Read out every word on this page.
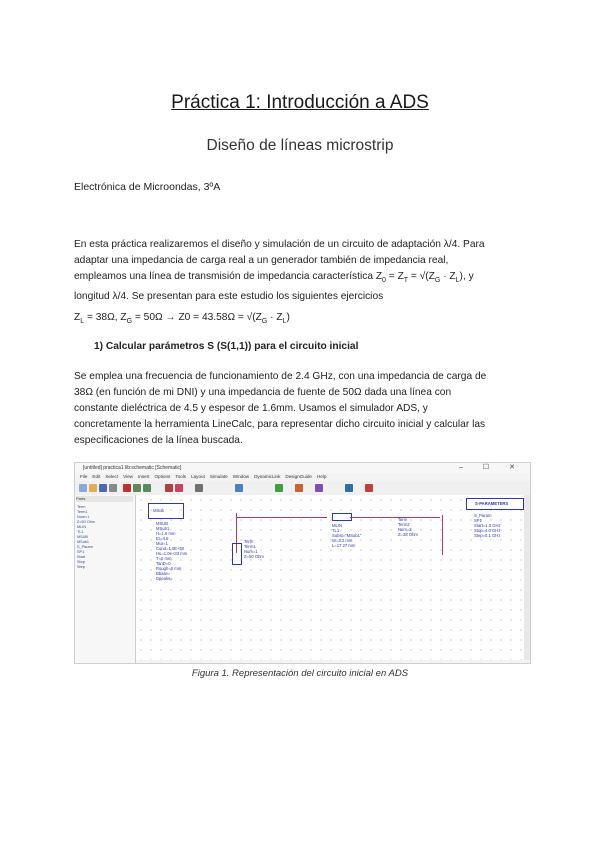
Práctica 1: Introducción a ADS
Diseño de líneas microstrip
Electrónica de Microondas, 3ºA
En esta práctica realizaremos el diseño y simulación de un circuito de adaptación λ/4. Para
adaptar una impedancia de carga real a un generador también de impedancia real,
empleamos una línea de transmisión de impedancia característica $Z_0 = Z_T = √(Z_G \cdot Z_L)$, y
longitud λ/4. Se presentan para este estudio los siguientes ejercicios
$Z_L = 38\Omega$, $Z_G = 50\Omega \to Z0 = 43.58\Omega = √(Z_G \cdot Z_L)$
1) Calcular parámetros S (S(1,1)) para el circuito inicial
Se emplea una frecuencia de funcionamiento de 2.4 GHz, con una impedancia de carga de
38Ω (en función de mi DNI) y una impedancia de fuente de 50Ω dada una línea con
constante dieléctrica de 4.5 y espesor de 1.6mm. Usamos el simulador ADS, y
concretamente la herramienta LineCalc, para representar dicho circuito inicial y calcular las
especificaciones de la línea buscada.
[untitled] practica1 lib:schematic [Schematic]	– ☐ ✕
File Edit Select View Insert Options Tools Layout Simulate Window DynamicLink DesignGuide Help
Parts
Term
Term1
Num=1
Z=50 Ohm
MLIN
TL1
MSUB
MSub1
S_Param
SP1
Start
Stop
Step
MSub
MSUB
MSub1
H=1.6 mm
Er=4.5
Mur=1
Cond=1.0E+50
Hu=1.0e+33 mm
T=0 mm
TanD=0
Rough=0 mm
Bbase=
Dpeaks=
Term
Term1
Num=1
Z=50 Ohm
MLIN
TL1
Subst="MSub1"
W=3.2 mm
L=17.27 mm
Term
Term2
Num=2
Z=38 Ohm
S-PARAMETERS
S_Param
SP1
Start=1.0 GHz
Stop=4.0 GHz
Step=0.1 GHz
Figura 1. Representación del circuito inicial en ADS
